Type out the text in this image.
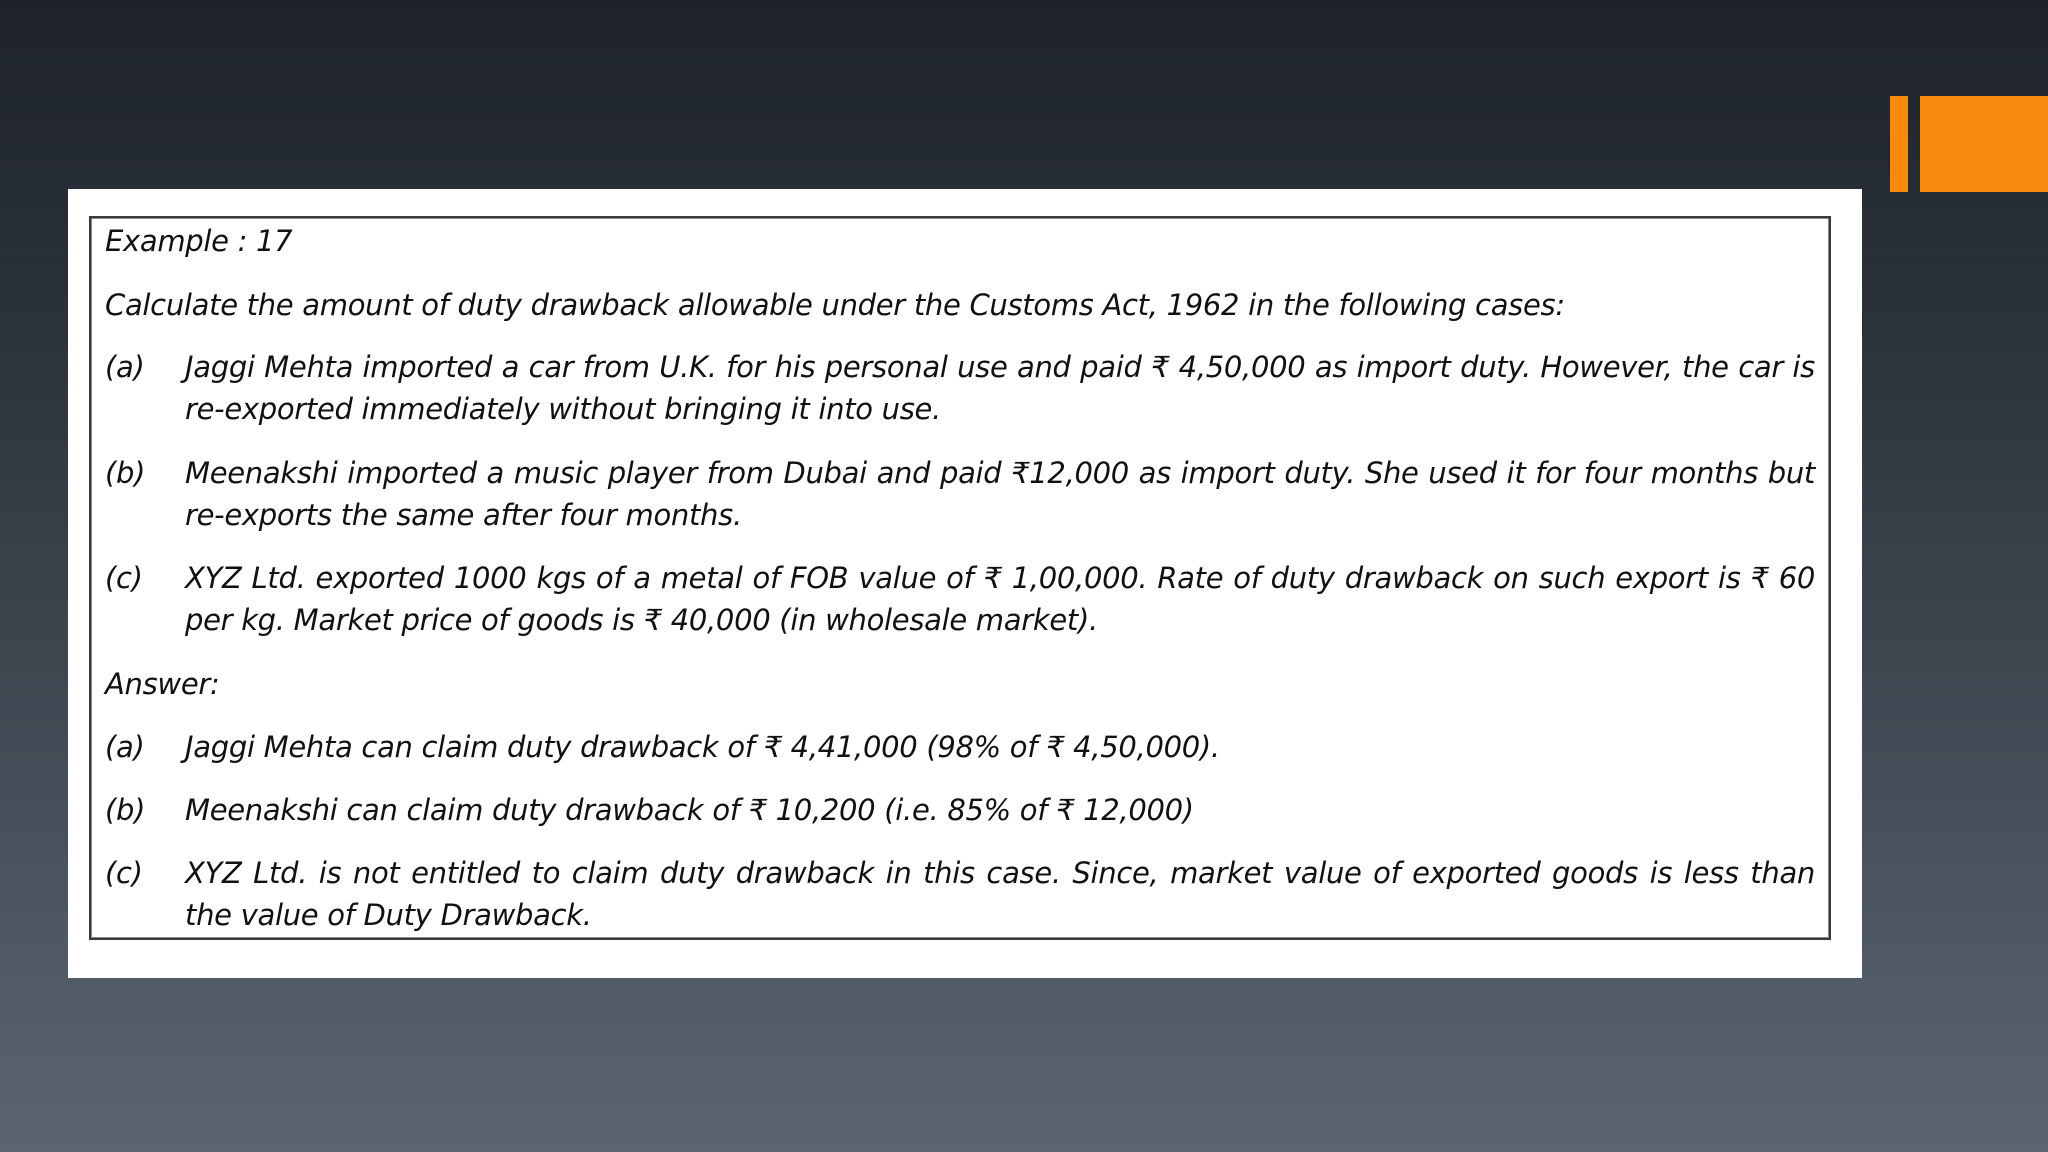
Example : 17
Calculate the amount of duty drawback allowable under the Customs Act, 1962 in the following cases:
(a)	Jaggi Mehta imported a car from U.K. for his personal use and paid ₹ 4,50,000 as import duty. However, the car is re-exported immediately without bringing it into use.
(b)	Meenakshi imported a music player from Dubai and paid ₹12,000 as import duty. She used it for four months but re-exports the same after four months.
(c)	XYZ Ltd. exported 1000 kgs of a metal of FOB value of ₹ 1,00,000. Rate of duty drawback on such export is ₹ 60 per kg. Market price of goods is ₹ 40,000 (in wholesale market).
Answer:
(a)	Jaggi Mehta can claim duty drawback of ₹ 4,41,000 (98% of ₹ 4,50,000).
(b)	Meenakshi can claim duty drawback of ₹ 10,200 (i.e. 85% of ₹ 12,000)
(c)	XYZ Ltd. is not entitled to claim duty drawback in this case. Since, market value of exported goods is less than the value of Duty Drawback.
